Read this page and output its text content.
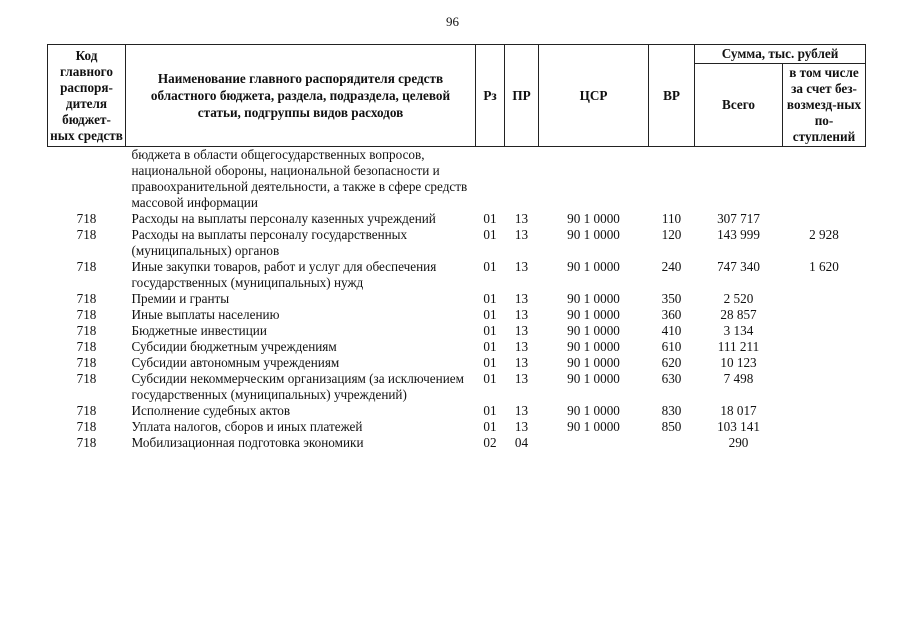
96
Код главного распоря-дителя бюджет-ных средств	Наименование главного распорядителя средств областного бюджета, раздела, подраздела, целевой статьи, подгруппы видов расходов	Рз	ПР	ЦСР	ВР	Сумма, тыс. рублей	
						Всего	в том числе за счет без-возмезд-ных по-ступлений
	бюджета в области общегосударственных вопросов, национальной обороны, национальной безопасности и правоохранительной деятельности, а также в сфере средств массовой информации						
718	Расходы на выплаты персоналу казенных учреждений	01	13	90 1 0000	110	307 717	
718	Расходы на выплаты персоналу государственных (муниципальных) органов	01	13	90 1 0000	120	143 999	2 928
718	Иные закупки товаров, работ и услуг для обеспечения государственных (муниципальных) нужд	01	13	90 1 0000	240	747 340	1 620
718	Премии и гранты	01	13	90 1 0000	350	2 520	
718	Иные выплаты населению	01	13	90 1 0000	360	28 857	
718	Бюджетные инвестиции	01	13	90 1 0000	410	3 134	
718	Субсидии бюджетным учреждениям	01	13	90 1 0000	610	111 211	
718	Субсидии автономным учреждениям	01	13	90 1 0000	620	10 123	
718	Субсидии некоммерческим организациям (за исключением государственных (муниципальных) учреждений)	01	13	90 1 0000	630	7 498	
718	Исполнение судебных актов	01	13	90 1 0000	830	18 017	
718	Уплата налогов, сборов и иных платежей	01	13	90 1 0000	850	103 141	
718	Мобилизационная подготовка экономики	02	04			290	
